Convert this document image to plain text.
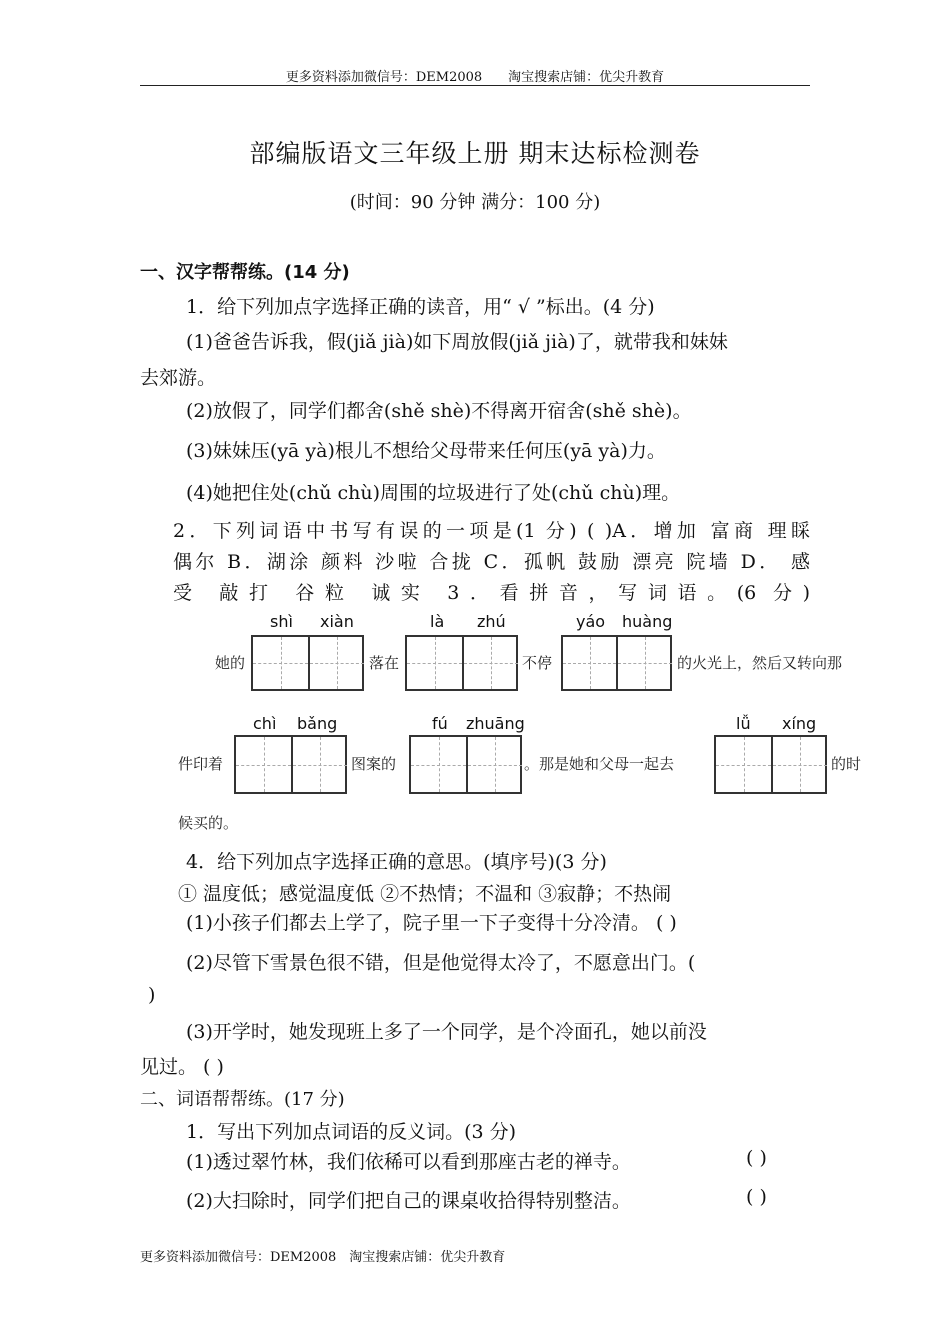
更多资料添加微信号：DEM2008　　淘宝搜索店铺：优尖升教育
部编版语文三年级上册 期末达标检测卷
(时间：90 分钟 满分：100 分)
一、汉字帮帮练。(14 分)
1．给下列加点字选择正确的读音，用“ √ ”标出。(4 分)
(1)爸爸告诉我，假(jiǎ jià)如下周放假(jiǎ jià)了，就带我和妹妹
去郊游。
(2)放假了，同学们都舍(shě shè)不得离开宿舍(shě shè)。
(3)妹妹压(yā yà)根儿不想给父母带来任何压(yā yà)力。
(4)她把住处(chǔ chù)周围的垃圾进行了处(chǔ chù)理。
2．下列词语中书写有误的一项是(1 分) ( )A．增加 富商 理睬
偶尔 B．湖涂 颜料 沙啦 合拢 C．孤帆 鼓励 漂亮 院墙 D． 感
受 敲打 谷粒 诚实 3．看拼音，写词语。(6 分)
shì xiàn	là zhú	yáo huàng
她的	落在	不停	的火光上，然后又转向那
chì bǎng	fú zhuāng	lǚ xíng
件印着	图案的	。那是她和父母一起去	的时
候买的。
4．给下列加点字选择正确的意思。(填序号)(3 分)
① 温度低；感觉温度低 ②不热情；不温和 ③寂静；不热闹
(1)小孩子们都去上学了，院子里一下子变得十分冷清。 ( )
(2)尽管下雪景色很不错，但是他觉得太冷了，不愿意出门。(
)
(3)开学时，她发现班上多了一个同学，是个冷面孔，她以前没
见过。 ( )
二、词语帮帮练。(17 分)
1．写出下列加点词语的反义词。(3 分)
(1)透过翠竹林，我们依稀可以看到那座古老的禅寺。	( )
(2)大扫除时，同学们把自己的课桌收拾得特别整洁。	( )
更多资料添加微信号：DEM2008　淘宝搜索店铺：优尖升教育
